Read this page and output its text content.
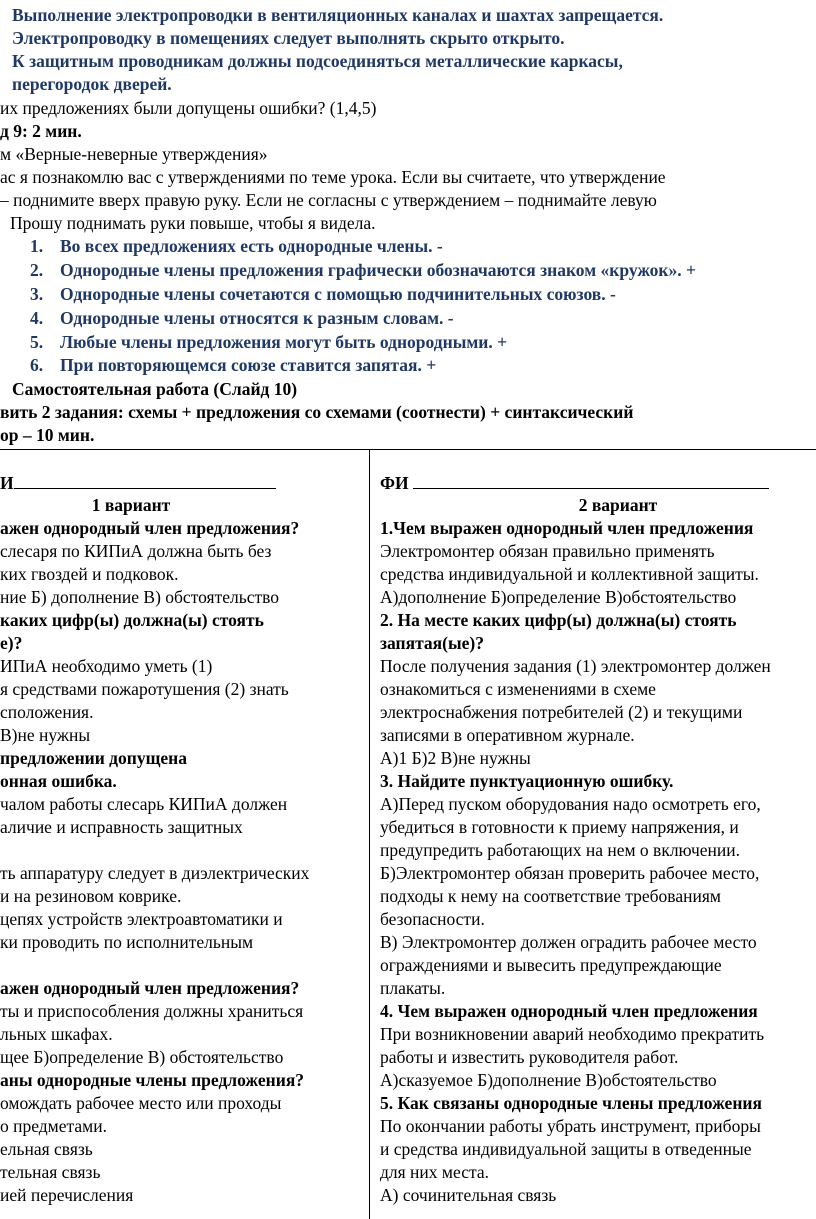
Выполнение электропроводки в вентиляционных каналах и шахтах запрещается.
Электропроводку в помещениях следует выполнять скрыто открыто.
К защитным проводникам должны подсоединяться металлические каркасы,
перегородок дверей.
их предложениях были допущены ошибки? (1,4,5)
д 9: 2 мин.
м «Верные-неверные утверждения»
ас я познакомлю вас с утверждениями по теме урока. Если вы считаете, что утверждение
– поднимите вверх правую руку. Если не согласны с утверждением – поднимайте левую
Прошу поднимать руки повыше, чтобы я видела.
1. Во всех предложениях есть однородные члены. -
2. Однородные члены предложения графически обозначаются знаком «кружок». +
3. Однородные члены сочетаются с помощью подчинительных союзов. -
4. Однородные члены относятся к разным словам. -
5. Любые члены предложения могут быть однородными. +
6. При повторяющемся союзе ставится запятая. +
Самостоятельная работа (Слайд 10)
вить 2 задания: схемы + предложения со схемами (соотнести) + синтаксический
ор – 10 мин.
И
1 вариант
ажен однородный член предложения?
слесаря по КИПиА должна быть без
ких гвоздей и подковок.
ние Б) дополнение В) обстоятельство
каких цифр(ы) должна(ы) стоять
е)?
ИПиА необходимо уметь (1)
я средствами пожаротушения (2) знать
сположения.
В)не нужны
предложении допущена
онная ошибка.
чалом работы слесарь КИПиА должен
аличие и исправность защитных
ть аппаратуру следует в диэлектрических
и на резиновом коврике.
цепях устройств электроавтоматики и
ки проводить по исполнительным
ажен однородный член предложения?
ты и приспособления должны храниться
льных шкафах.
щее Б)определение В) обстоятельство
аны однородные члены предложения?
омождать рабочее место или проходы
о предметами.
ельная связь
тельная связь
ией перечисления
ФИ
2 вариант
1.Чем выражен однородный член предложения
Электромонтер обязан правильно применять
средства индивидуальной и коллективной защиты.
А)дополнение Б)определение В)обстоятельство
2. На месте каких цифр(ы) должна(ы) стоять
запятая(ые)?
После получения задания (1) электромонтер должен
ознакомиться с изменениями в схеме
электроснабжения потребителей (2) и текущими
записями в оперативном журнале.
А)1 Б)2 В)не нужны
3. Найдите пунктуационную ошибку.
А)Перед пуском оборудования надо осмотреть его,
убедиться в готовности к приему напряжения, и
предупредить работающих на нем о включении.
Б)Электромонтер обязан проверить рабочее место,
подходы к нему на соответствие требованиям
безопасности.
В) Электромонтер должен оградить рабочее место
ограждениями и вывесить предупреждающие
плакаты.
4. Чем выражен однородный член предложения
При возникновении аварий необходимо прекратить
работы и известить руководителя работ.
А)сказуемое Б)дополнение В)обстоятельство
5. Как связаны однородные члены предложения
По окончании работы убрать инструмент, приборы
и средства индивидуальной защиты в отведенные
для них места.
А) сочинительная связь
